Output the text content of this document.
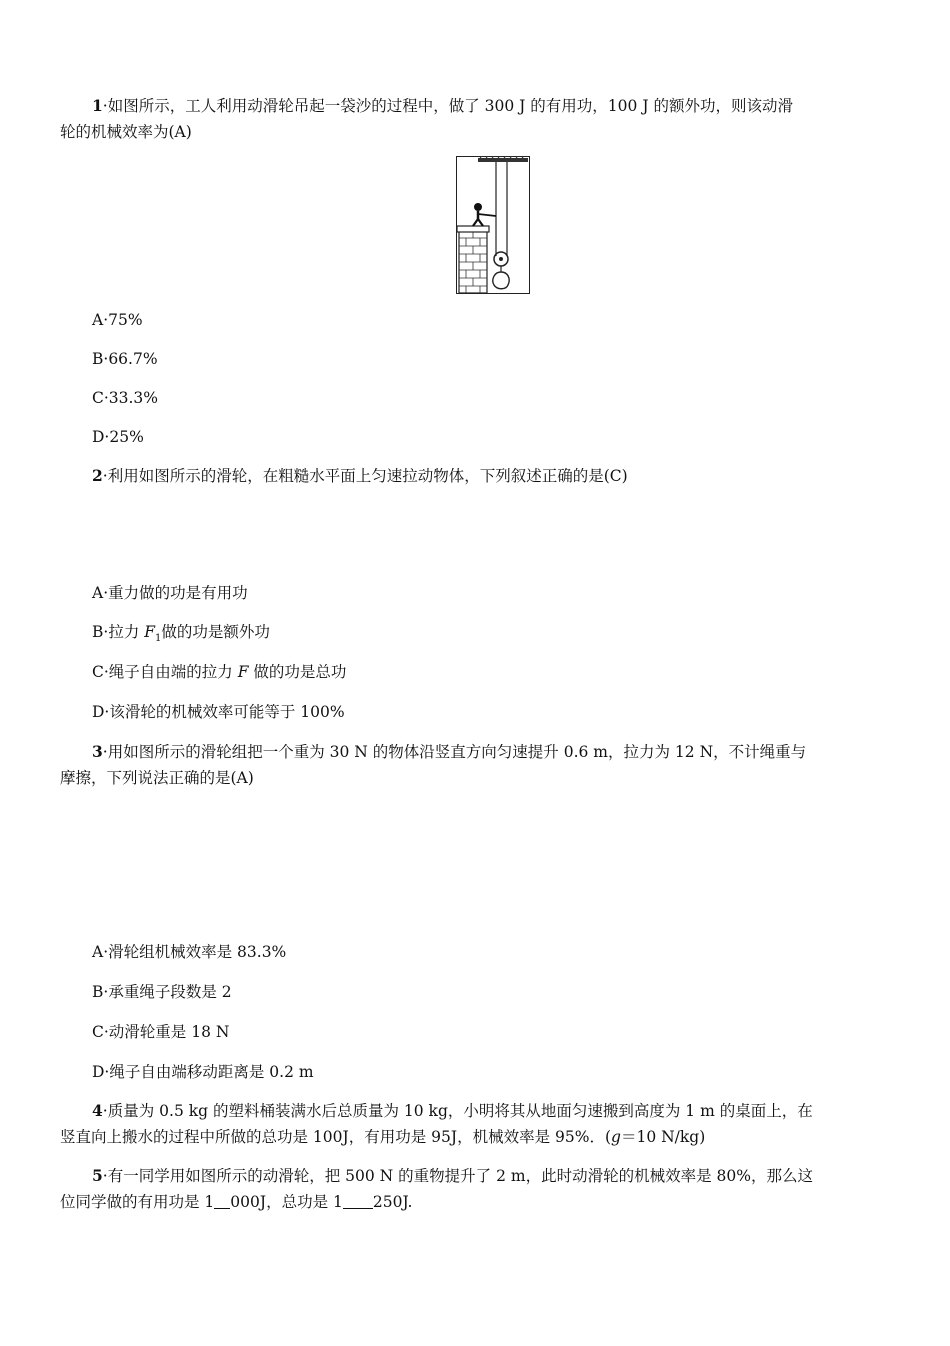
1·如图所示，工人利用动滑轮吊起一袋沙的过程中，做了 300 J 的有用功，100 J 的额外功，则该动滑
轮的机械效率为(A)
A·75%
B·66.7%
C·33.3%
D·25%
2·利用如图所示的滑轮，在粗糙水平面上匀速拉动物体，下列叙述正确的是(C)
A·重力做的功是有用功
B·拉力 $F_1$做的功是额外功
C·绳子自由端的拉力 F 做的功是总功
D·该滑轮的机械效率可能等于 100%
3·用如图所示的滑轮组把一个重为 30 N 的物体沿竖直方向匀速提升 0.6 m，拉力为 12 N，不计绳重与
摩擦，下列说法正确的是(A)
A·滑轮组机械效率是 83.3%
B·承重绳子段数是 2
C·动滑轮重是 18 N
D·绳子自由端移动距离是 0.2 m
4·质量为 0.5 kg 的塑料桶装满水后总质量为 10 kg，小明将其从地面匀速搬到高度为 1 m 的桌面上，在
竖直向上搬水的过程中所做的总功是 100J，有用功是 95J，机械效率是 95%．(g＝10 N/kg)
5·有一同学用如图所示的动滑轮，把 500 N 的重物提升了 2 m，此时动滑轮的机械效率是 80%，那么这
位同学做的有用功是 1 000J，总功是 1 250J.
